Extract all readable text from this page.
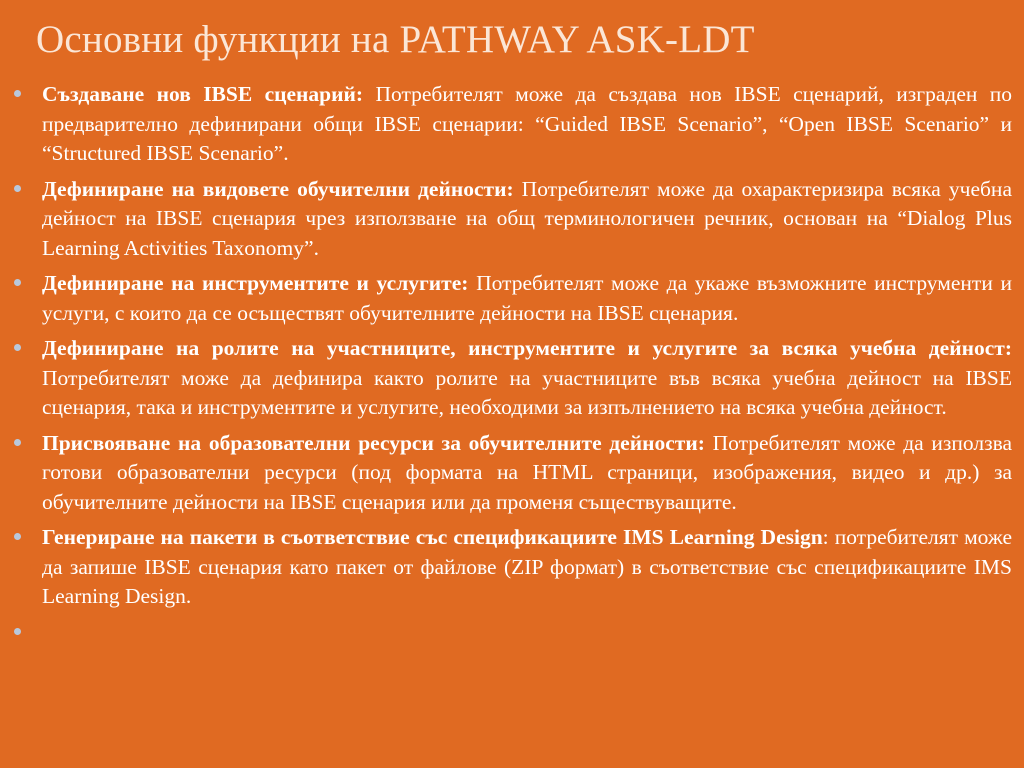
Основни функции на PATHWAY ASK-LDT
Създаване нов IBSE сценарий: Потребителят може да създава нов IBSE сценарий, изграден по предварително дефинирани общи IBSE сценарии: “Guided IBSE Scenario”, “Open IBSE Scenario” и “Structured IBSE Scenario”.
Дефиниране на видовете обучителни дейности: Потребителят може да охарактеризира всяка учебна дейност на IBSE сценария чрез използване на общ терминологичен речник, основан на “Dialog Plus Learning Activities Taxonomy”.
Дефиниране на инструментите и услугите: Потребителят може да укаже възможните инструменти и услуги, с които да се осъществят обучителните дейности на IBSE сценария.
Дефиниране на ролите на участниците, инструментите и услугите за всяка учебна дейност: Потребителят може да дефинира както ролите на участниците във всяка учебна дейност на IBSE сценария, така и инструментите и услугите, необходими за изпълнението на всяка учебна дейност.
Присвояване на образователни ресурси за обучителните дейности: Потребителят може да използва готови образователни ресурси (под формата на HTML страници, изображения, видео и др.) за обучителните дейности на IBSE сценария или да променя съществуващите.
Генериране на пакети в съответствие със спецификациите IMS Learning Design: потребителят може да запише IBSE сценария като пакет от файлове (ZIP формат) в съответствие със спецификациите IMS Learning Design.
